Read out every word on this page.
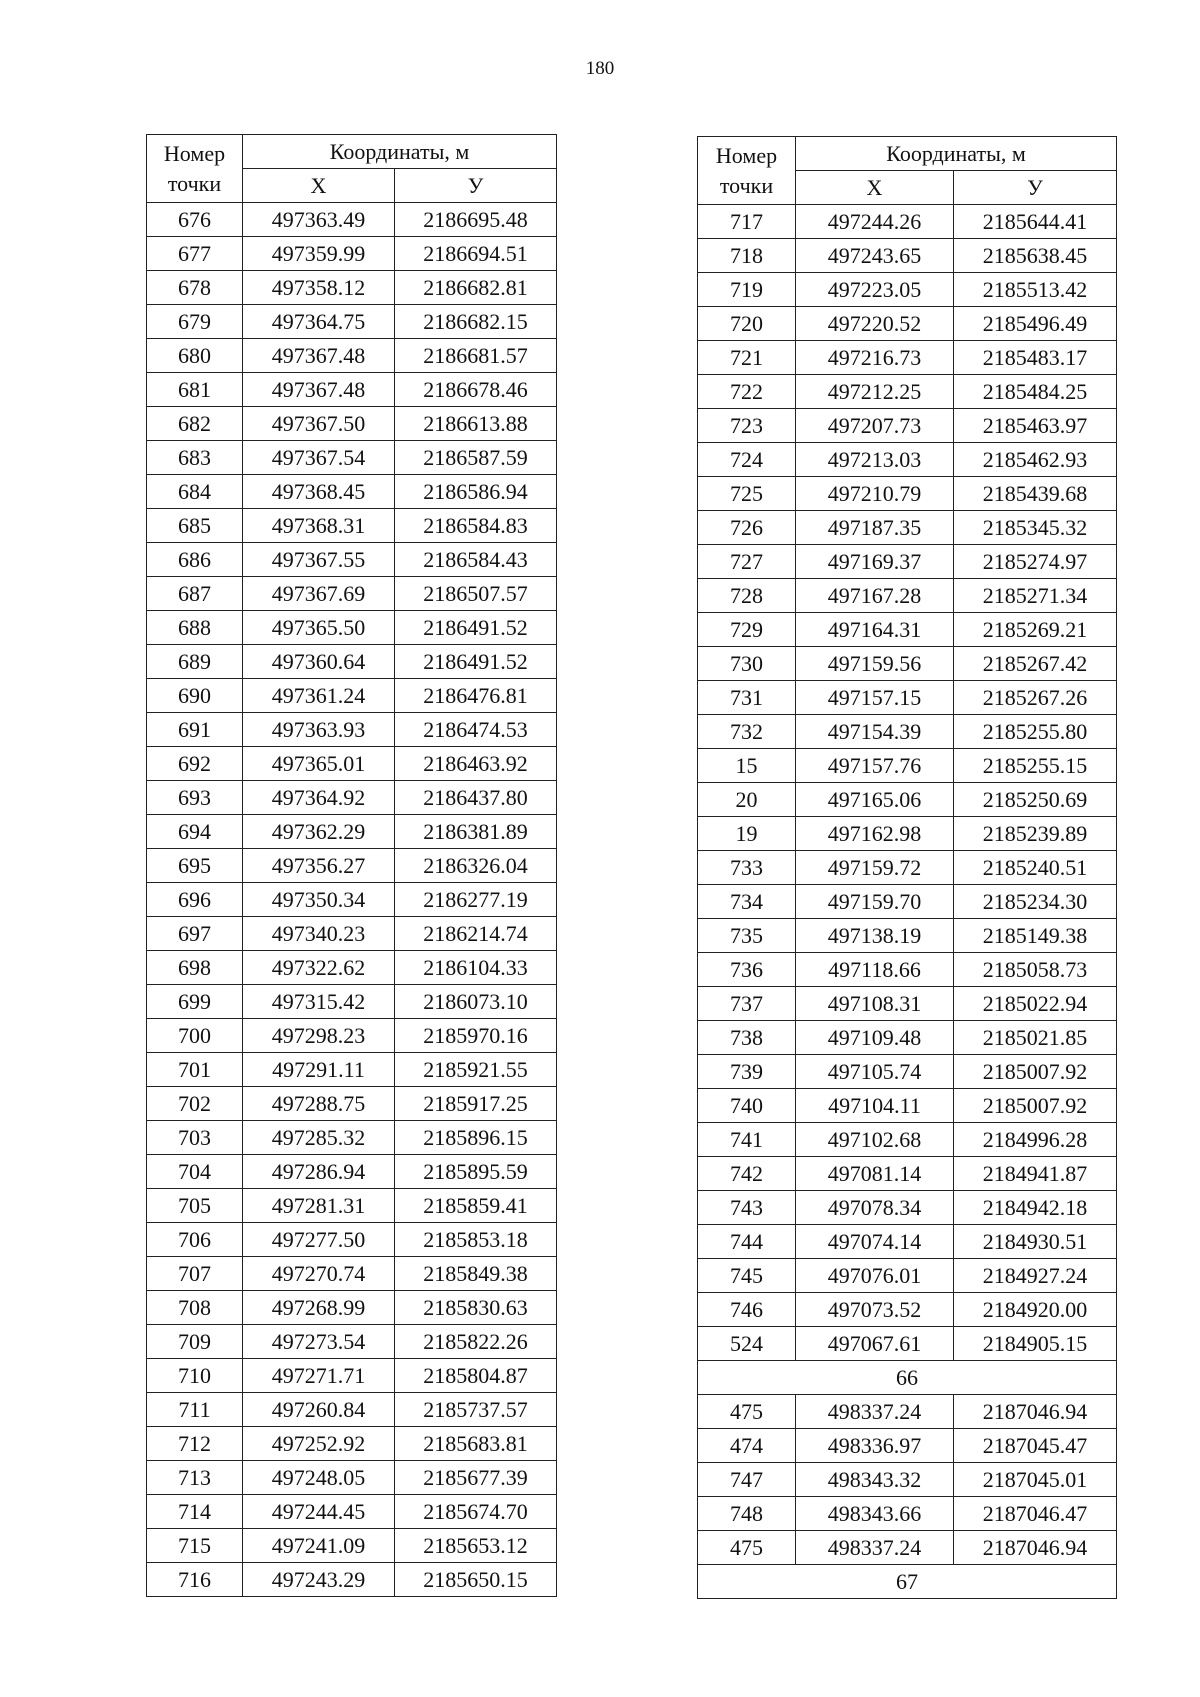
180
Номер точки	Координаты, м	
	X	У
676	497363.49	2186695.48
677	497359.99	2186694.51
678	497358.12	2186682.81
679	497364.75	2186682.15
680	497367.48	2186681.57
681	497367.48	2186678.46
682	497367.50	2186613.88
683	497367.54	2186587.59
684	497368.45	2186586.94
685	497368.31	2186584.83
686	497367.55	2186584.43
687	497367.69	2186507.57
688	497365.50	2186491.52
689	497360.64	2186491.52
690	497361.24	2186476.81
691	497363.93	2186474.53
692	497365.01	2186463.92
693	497364.92	2186437.80
694	497362.29	2186381.89
695	497356.27	2186326.04
696	497350.34	2186277.19
697	497340.23	2186214.74
698	497322.62	2186104.33
699	497315.42	2186073.10
700	497298.23	2185970.16
701	497291.11	2185921.55
702	497288.75	2185917.25
703	497285.32	2185896.15
704	497286.94	2185895.59
705	497281.31	2185859.41
706	497277.50	2185853.18
707	497270.74	2185849.38
708	497268.99	2185830.63
709	497273.54	2185822.26
710	497271.71	2185804.87
711	497260.84	2185737.57
712	497252.92	2185683.81
713	497248.05	2185677.39
714	497244.45	2185674.70
715	497241.09	2185653.12
716	497243.29	2185650.15
Номер точки	Координаты, м	
	X	У
717	497244.26	2185644.41
718	497243.65	2185638.45
719	497223.05	2185513.42
720	497220.52	2185496.49
721	497216.73	2185483.17
722	497212.25	2185484.25
723	497207.73	2185463.97
724	497213.03	2185462.93
725	497210.79	2185439.68
726	497187.35	2185345.32
727	497169.37	2185274.97
728	497167.28	2185271.34
729	497164.31	2185269.21
730	497159.56	2185267.42
731	497157.15	2185267.26
732	497154.39	2185255.80
15	497157.76	2185255.15
20	497165.06	2185250.69
19	497162.98	2185239.89
733	497159.72	2185240.51
734	497159.70	2185234.30
735	497138.19	2185149.38
736	497118.66	2185058.73
737	497108.31	2185022.94
738	497109.48	2185021.85
739	497105.74	2185007.92
740	497104.11	2185007.92
741	497102.68	2184996.28
742	497081.14	2184941.87
743	497078.34	2184942.18
744	497074.14	2184930.51
745	497076.01	2184927.24
746	497073.52	2184920.00
524	497067.61	2184905.15
66		
475	498337.24	2187046.94
474	498336.97	2187045.47
747	498343.32	2187045.01
748	498343.66	2187046.47
475	498337.24	2187046.94
67		
